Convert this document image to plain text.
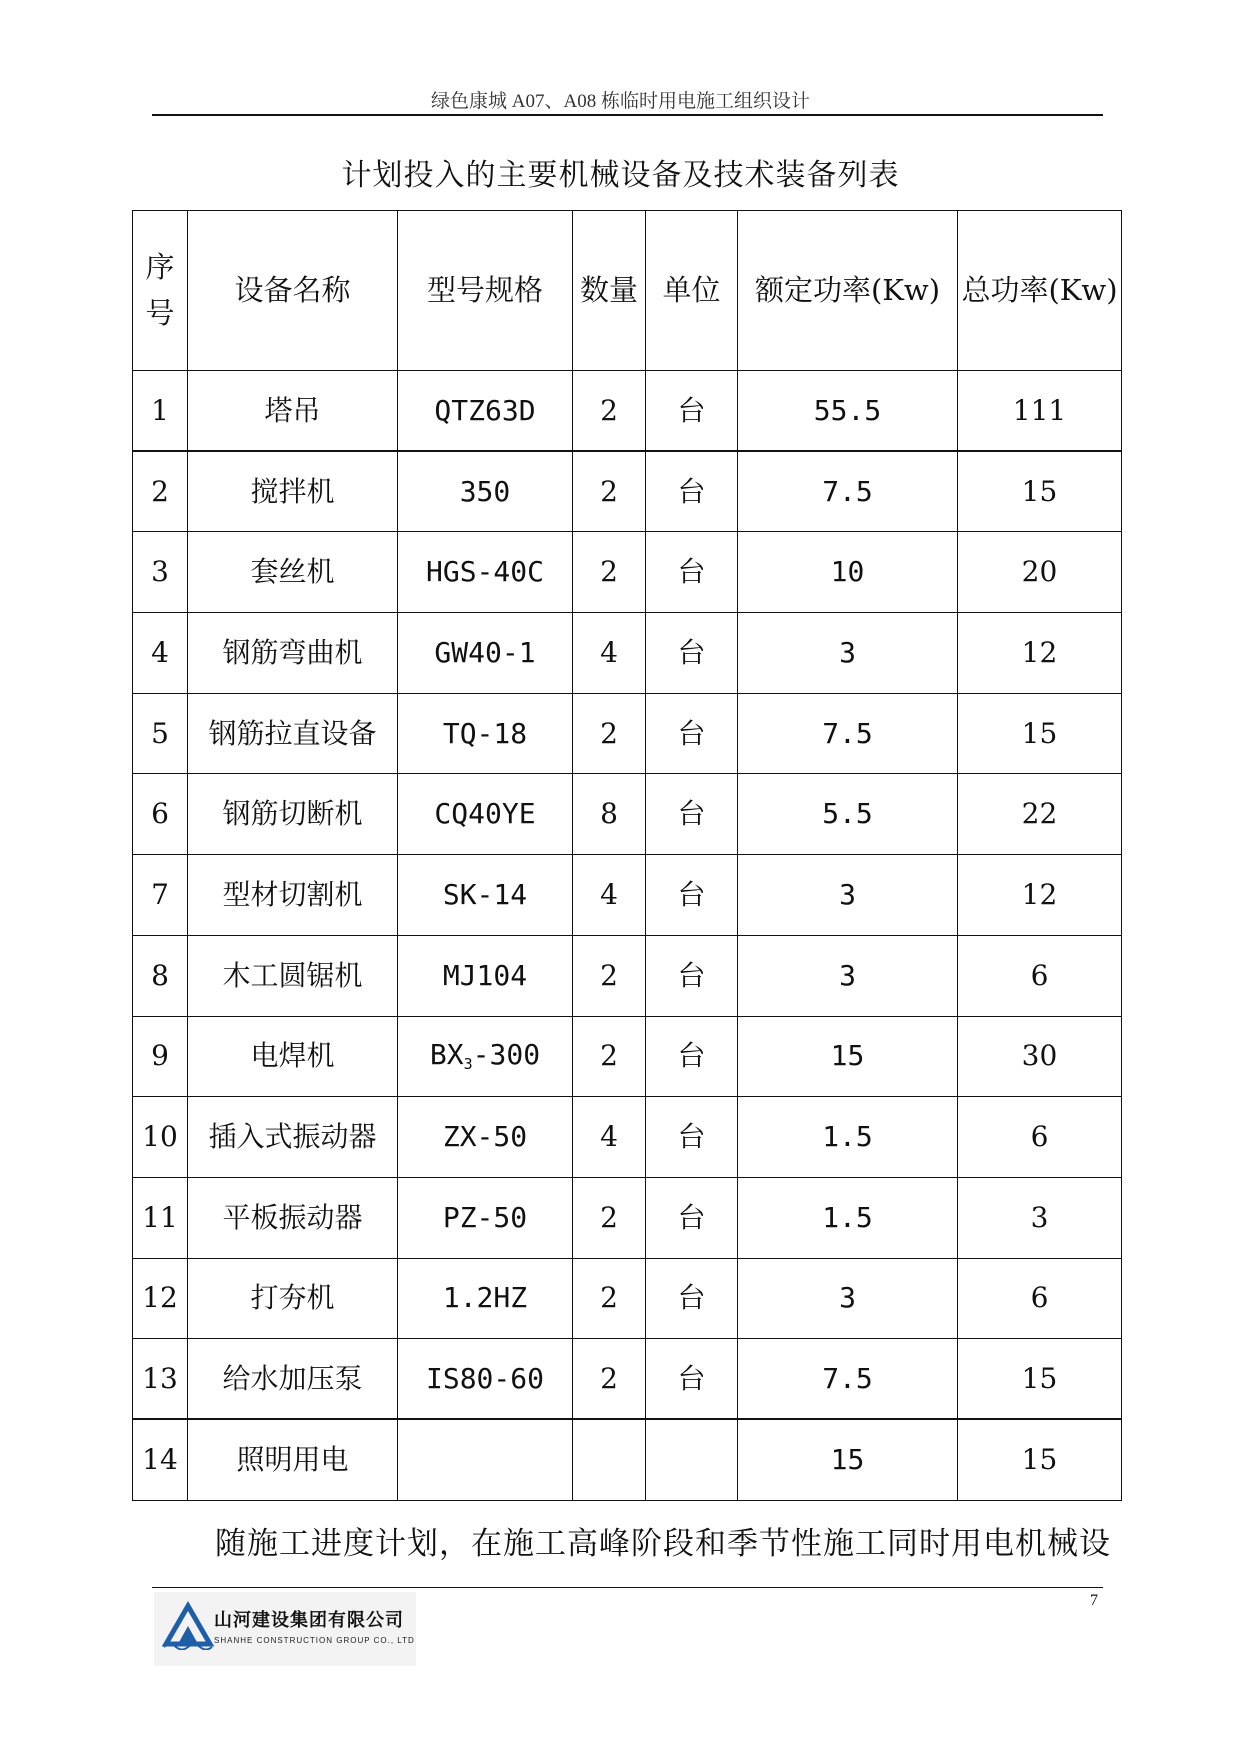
绿色康城 A07、A08 栋临时用电施工组织设计
计划投入的主要机械设备及技术装备列表
序
号	设备名称	型号规格	数量	单位	额定功率(Kw)	总功率(Kw)
1	塔吊	QTZ63D	2	台	55.5	111
2	搅拌机	350	2	台	7.5	15
3	套丝机	HGS-40C	2	台	10	20
4	钢筋弯曲机	GW40-1	4	台	3	12
5	钢筋拉直设备	TQ-18	2	台	7.5	15
6	钢筋切断机	CQ40YE	8	台	5.5	22
7	型材切割机	SK-14	4	台	3	12
8	木工圆锯机	MJ104	2	台	3	6
9	电焊机	$BX_3-300$	2	台	15	30
10	插入式振动器	ZX-50	4	台	1.5	6
11	平板振动器	PZ-50	2	台	1.5	3
12	打夯机	1.2HZ	2	台	3	6
13	给水加压泵	IS80-60	2	台	7.5	15
14	照明用电				15	15
随施工进度计划，在施工高峰阶段和季节性施工同时用电机械设
7
山河建设集团有限公司
SHANHE CONSTRUCTION GROUP CO., LTD
